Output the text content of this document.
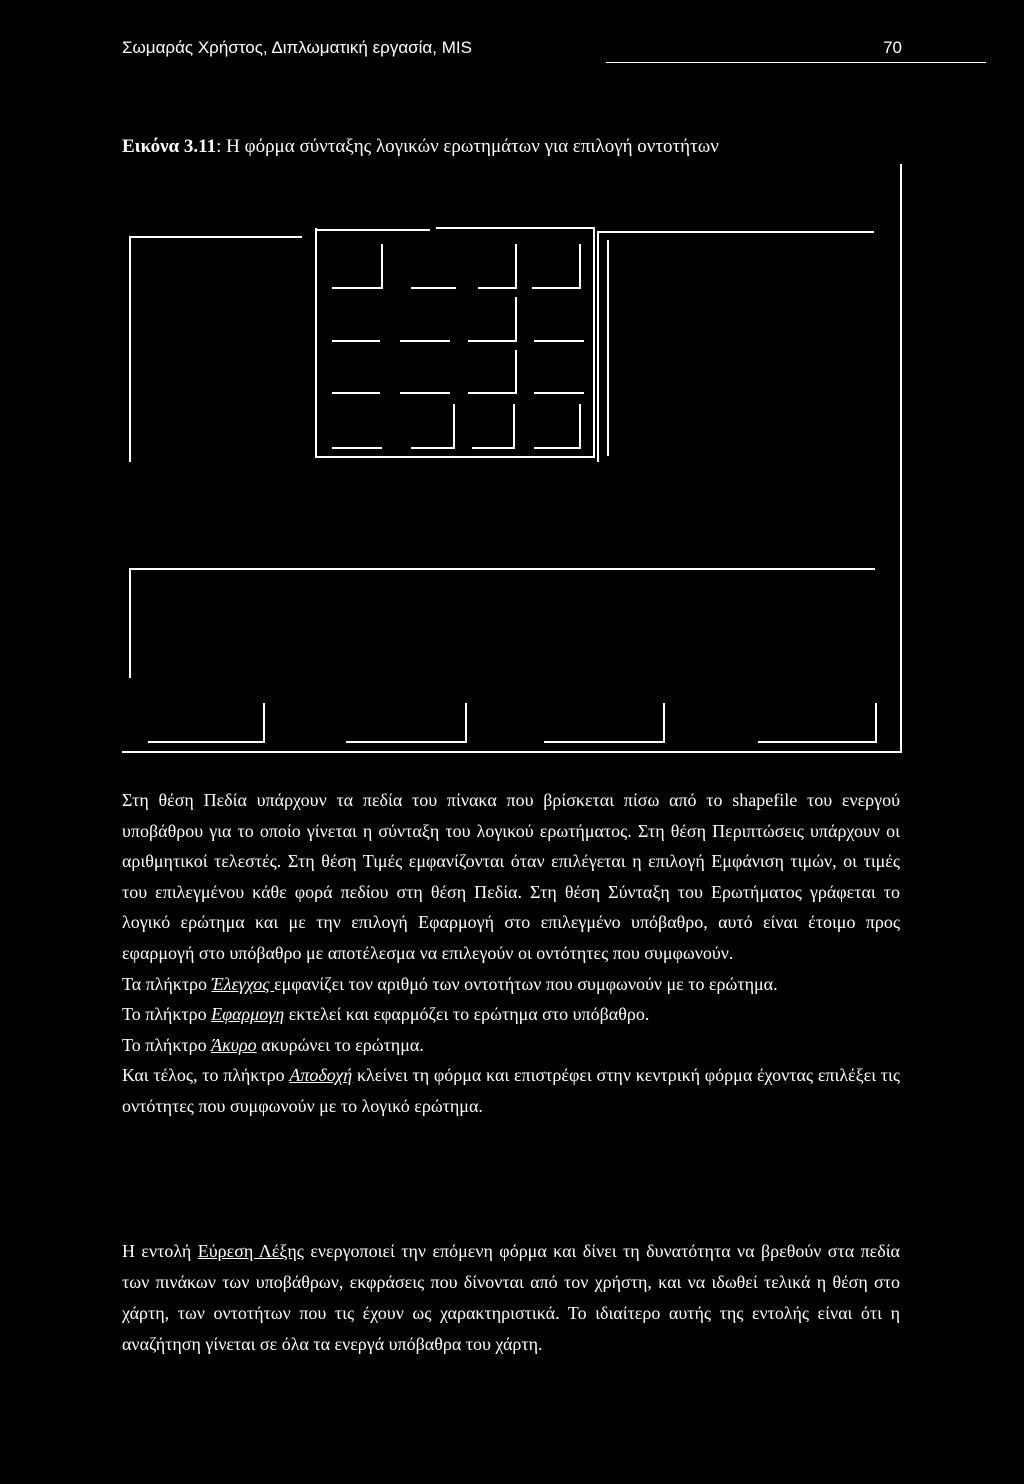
Σωμαράς Χρήστος, Διπλωματική εργασία, MIS	70
Εικόνα 3.11: Η φόρμα σύνταξης λογικών ερωτημάτων για επιλογή οντοτήτων

Στη θέση Πεδία υπάρχουν τα πεδία του πίνακα που βρίσκεται πίσω από το shapefile του ενεργού υποβάθρου για το οποίο γίνεται η σύνταξη του λογικού ερωτήματος. Στη θέση Περιπτώσεις υπάρχουν οι αριθμητικοί τελεστές. Στη θέση Τιμές εμφανίζονται όταν επιλέγεται η επιλογή Εμφάνιση τιμών, οι τιμές του επιλεγμένου κάθε φορά πεδίου στη θέση Πεδία. Στη θέση Σύνταξη του Ερωτήματος γράφεται το λογικό ερώτημα και με την επιλογή Εφαρμογή στο επιλεγμένο υπόβαθρο, αυτό είναι έτοιμο προς εφαρμογή στο υπόβαθρο με αποτέλεσμα να επιλεγούν οι οντότητες που συμφωνούν.

Τα πλήκτρο Έλεγχος εμφανίζει τον αριθμό των οντοτήτων που συμφωνούν με το ερώτημα.

Το πλήκτρο Εφαρμογη εκτελεί και εφαρμόζει το ερώτημα στο υπόβαθρο.

Το πλήκτρο Άκυρο ακυρώνει το ερώτημα.

Και τέλος, το πλήκτρο Αποδοχή κλείνει τη φόρμα και επιστρέφει στην κεντρική φόρμα έχοντας επιλέξει τις οντότητες που συμφωνούν με το λογικό ερώτημα.

Η εντολή Εύρεση Λέξης ενεργοποιεί την επόμενη φόρμα και δίνει τη δυνατότητα να βρεθούν στα πεδία των πινάκων των υποβάθρων, εκφράσεις που δίνονται από τον χρήστη, και να ιδωθεί τελικά η θέση στο χάρτη, των οντοτήτων που τις έχουν ως χαρακτηριστικά. Το ιδιαίτερο αυτής της εντολής είναι ότι η αναζήτηση γίνεται σε όλα τα ενεργά υπόβαθρα του χάρτη.
